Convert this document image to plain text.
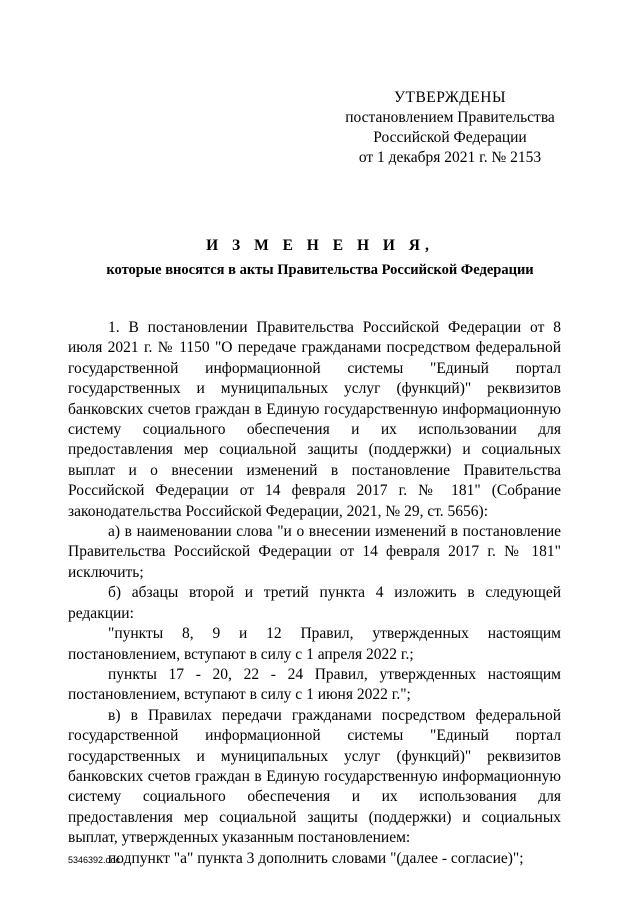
УТВЕРЖДЕНЫ
постановлением Правительства
Российской Федерации
от 1 декабря 2021 г. № 2153
И З М Е Н Е Н И Я,
которые вносятся в акты Правительства Российской Федерации

1. В постановлении Правительства Российской Федерации от 8 июля 2021 г. № 1150 "О передаче гражданами посредством федеральной государственной информационной системы "Единый портал государственных и муниципальных услуг (функций)" реквизитов банковских счетов граждан в Единую государственную информационную систему социального обеспечения и их использовании для предоставления мер социальной защиты (поддержки) и социальных выплат и о внесении изменений в постановление Правительства Российской Федерации от 14 февраля 2017 г. № 181" (Собрание законодательства Российской Федерации, 2021, № 29, ст. 5656):

а) в наименовании слова "и о внесении изменений в постановление Правительства Российской Федерации от 14 февраля 2017 г. № 181" исключить;

б) абзацы второй и третий пункта 4 изложить в следующей редакции:

"пункты 8, 9 и 12 Правил, утвержденных настоящим постановлением, вступают в силу с 1 апреля 2022 г.;

пункты 17 - 20, 22 - 24 Правил, утвержденных настоящим постановлением, вступают в силу с 1 июня 2022 г.";

в) в Правилах передачи гражданами посредством федеральной государственной информационной системы "Единый портал государственных и муниципальных услуг (функций)" реквизитов банковских счетов граждан в Единую государственную информационную систему социального обеспечения и их использования для предоставления мер социальной защиты (поддержки) и социальных выплат, утвержденных указанным постановлением:

подпункт "а" пункта 3 дополнить словами "(далее - согласие)";

5346392.doc
